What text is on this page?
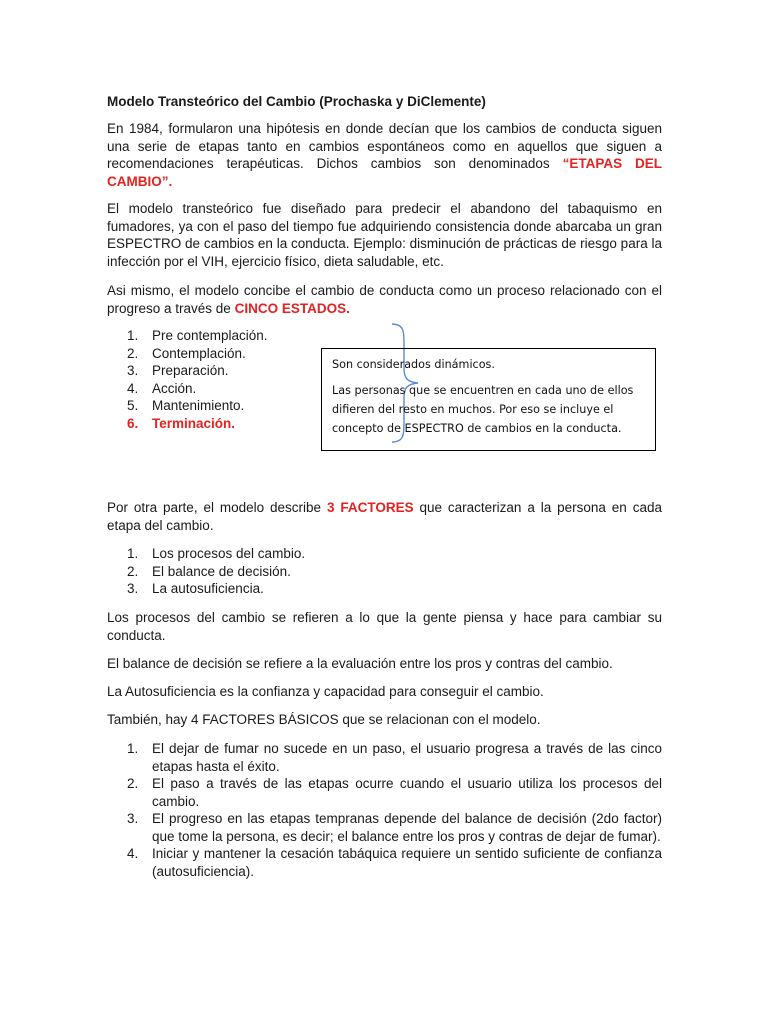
Modelo Transteórico del Cambio (Prochaska y DiClemente)

En 1984, formularon una hipótesis en donde decían que los cambios de conducta siguen una serie de etapas tanto en cambios espontáneos como en aquellos que siguen a recomendaciones terapéuticas. Dichos cambios son denominados “ETAPAS DEL CAMBIO”.

El modelo transteórico fue diseñado para predecir el abandono del tabaquismo en fumadores, ya con el paso del tiempo fue adquiriendo consistencia donde abarcaba un gran ESPECTRO de cambios en la conducta. Ejemplo: disminución de prácticas de riesgo para la infección por el VIH, ejercicio físico, dieta saludable, etc.

Asi mismo, el modelo concibe el cambio de conducta como un proceso relacionado con el progreso a través de CINCO ESTADOS.

1. Pre contemplación.
2. Contemplación.
3. Preparación.
4. Acción.
5. Mantenimiento.
6. Terminación.
Son considerados dinámicos.
Las personas que se encuentren en cada uno de ellos difieren del resto en muchos. Por eso se incluye el concepto de ESPECTRO de cambios en la conducta.

Por otra parte, el modelo describe 3 FACTORES que caracterizan a la persona en cada etapa del cambio.

1. Los procesos del cambio.
2. El balance de decisión.
3. La autosuficiencia.

Los procesos del cambio se refieren a lo que la gente piensa y hace para cambiar su conducta.

El balance de decisión se refiere a la evaluación entre los pros y contras del cambio.

La Autosuficiencia es la confianza y capacidad para conseguir el cambio.

También, hay 4 FACTORES BÁSICOS que se relacionan con el modelo.

1. El dejar de fumar no sucede en un paso, el usuario progresa a través de las cinco etapas hasta el éxito.
2. El paso a través de las etapas ocurre cuando el usuario utiliza los procesos del cambio.
3. El progreso en las etapas tempranas depende del balance de decisión (2do factor) que tome la persona, es decir; el balance entre los pros y contras de dejar de fumar).
4. Iniciar y mantener la cesación tabáquica requiere un sentido suficiente de confianza (autosuficiencia).
